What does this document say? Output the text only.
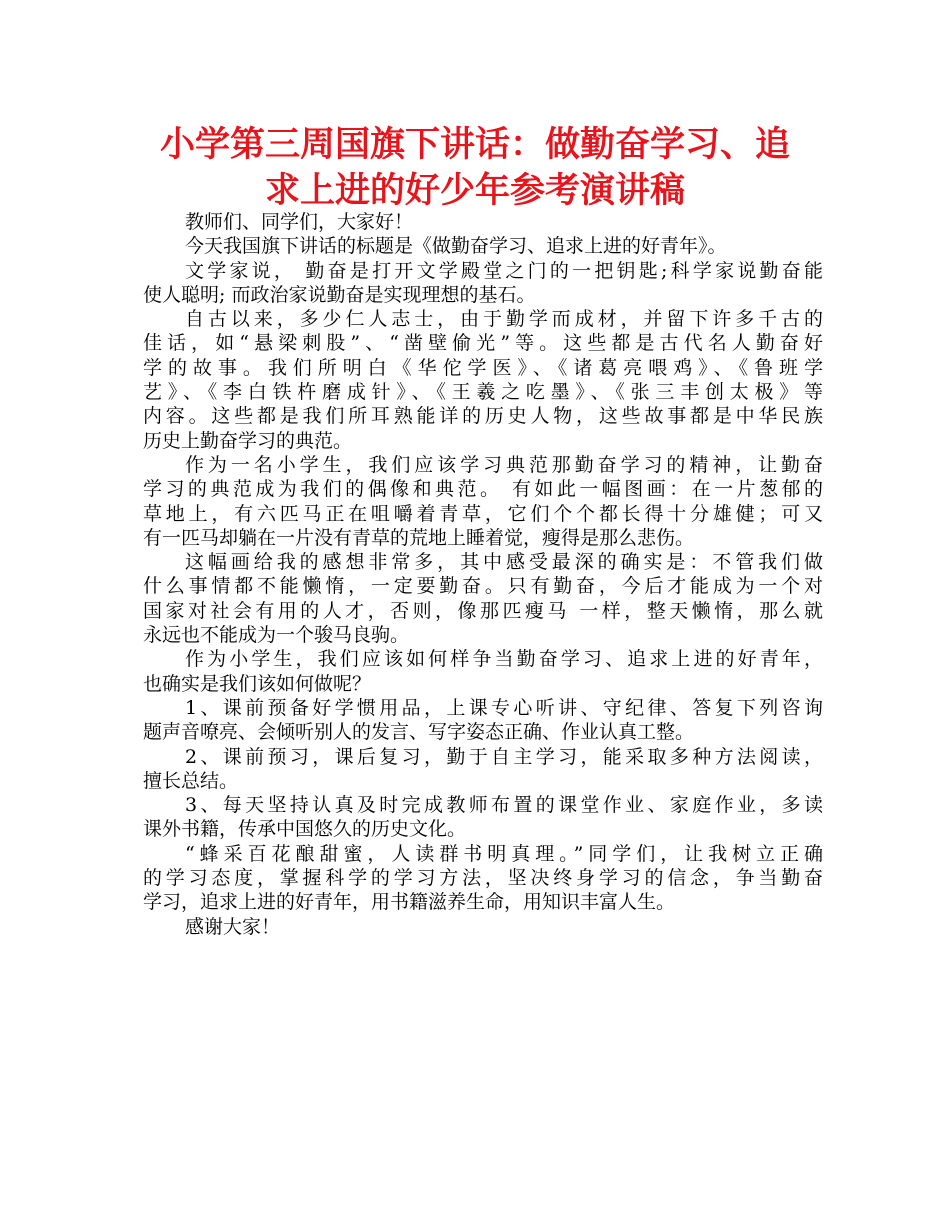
小学第三周国旗下讲话：做勤奋学习、追
求上进的好少年参考演讲稿
教师们、同学们，大家好！
今天我国旗下讲话的标题是《做勤奋学习、追求上进的好青年》。
文学家说， 勤奋是打开文学殿堂之门的一把钥匙;科学家说勤奋能
使人聪明; 而政治家说勤奋是实现理想的基石。
自古以来，多少仁人志士，由于勤学而成材，并留下许多千古的
佳话，如“悬梁刺股”、“凿壁偷光”等。这些都是古代名人勤奋好
学的故事。我们所明白《华佗学医》、《诸葛亮喂鸡》、《鲁班学
艺》、《李白铁杵磨成针》、《王羲之吃墨》、《张三丰创太极》等
内容。这些都是我们所耳熟能详的历史人物，这些故事都是中华民族
历史上勤奋学习的典范。
作为一名小学生，我们应该学习典范那勤奋学习的精神，让勤奋
学习的典范成为我们的偶像和典范。 有如此一幅图画：在一片葱郁的
草地上，有六匹马正在咀嚼着青草，它们个个都长得十分雄健；可又
有一匹马却躺在一片没有青草的荒地上睡着觉，瘦得是那么悲伤。
这幅画给我的感想非常多，其中感受最深的确实是：不管我们做
什么事情都不能懒惰，一定要勤奋。只有勤奋，今后才能成为一个对
国家对社会有用的人才，否则，像那匹瘦马 一样，整天懒惰，那么就
永远也不能成为一个骏马良驹。
作为小学生，我们应该如何样争当勤奋学习、追求上进的好青年，
也确实是我们该如何做呢？
1、课前预备好学惯用品，上课专心听讲、守纪律、答复下列咨询
题声音嘹亮、会倾听别人的发言、写字姿态正确、作业认真工整。
2、课前预习，课后复习，勤于自主学习，能采取多种方法阅读，
擅长总结。
3、每天坚持认真及时完成教师布置的课堂作业、家庭作业，多读
课外书籍，传承中国悠久的历史文化。
“蜂采百花酿甜蜜，人读群书明真理。”同学们，让我树立正确
的学习态度，掌握科学的学习方法，坚决终身学习的信念，争当勤奋
学习，追求上进的好青年，用书籍滋养生命，用知识丰富人生。
感谢大家！
